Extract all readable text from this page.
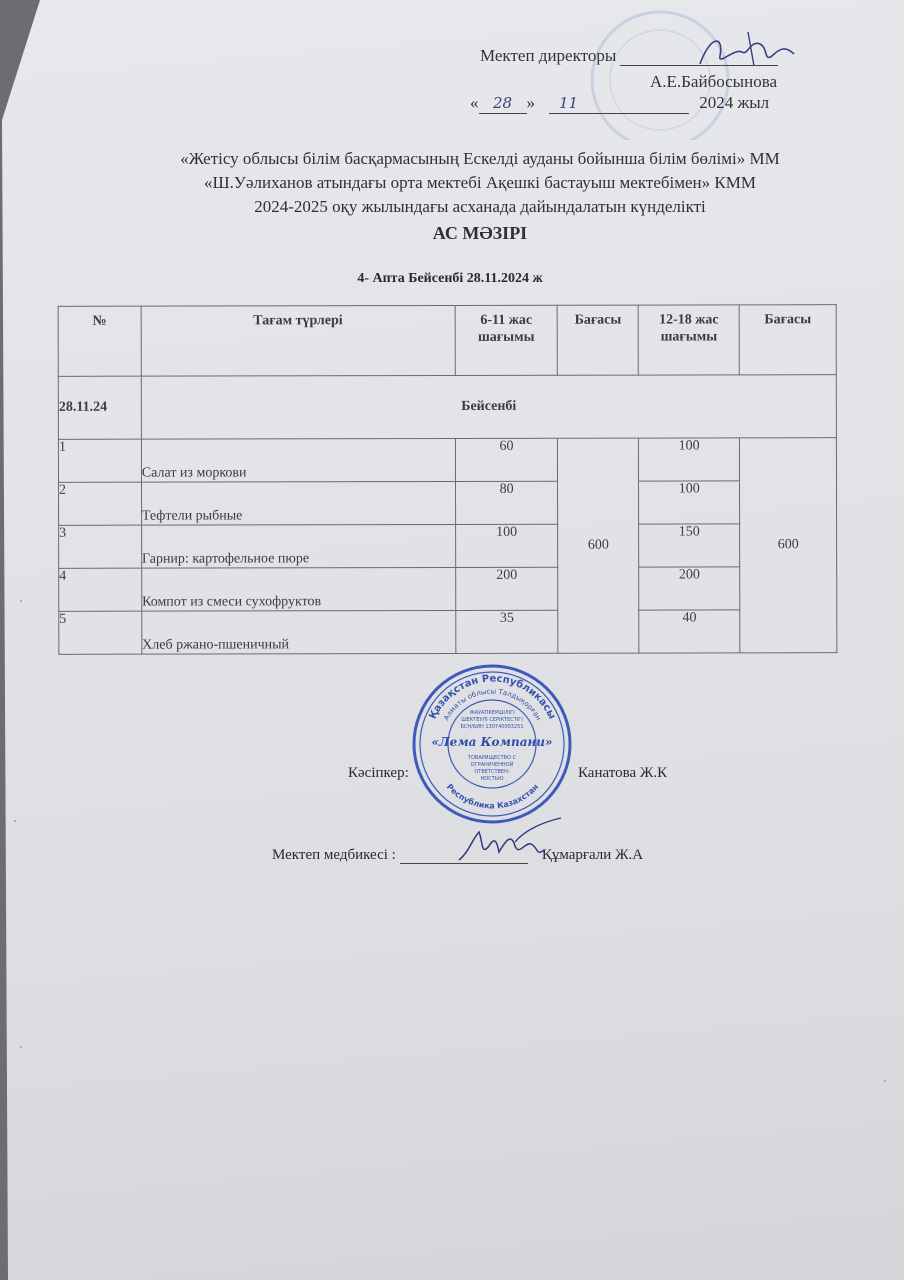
Мектеп директоры
А.Е.Байбосынова
« 28 » 11	2024 жыл
«Жетісу облысы білім басқармасының Ескелді ауданы бойынша білім бөлімі» ММ
«Ш.Уәлиханов атындағы орта мектебі Ақешкі бастауыш мектебімен» КММ
2024-2025 оқу жылындағы асханада дайындалатын күнделікті
АС МӘЗІРІ
4- Апта Бейсенбі 28.11.2024 ж
№	Тағам түрлері	6-11 жас шағымы	Бағасы	12-18 жас шағымы	Бағасы
28.11.24	Бейсенбі				
1	Салат из моркови	60	600	100	600
2	Тефтели рыбные	80		100	
3	Гарнир: картофельное пюре	100		150	
4	Компот из смеси сухофруктов	200		200	
5	Хлеб ржано-пшеничный	35		40	
Қазақстан Республикасы
Алматы облысы Талдықорған
Республика Казахстан
ЖАУАПКЕРШІЛІГІ
ШЕКТЕУЛІ СЕРІКТЕСТІГІ
БСН/БИН 130740003251
«Лема Компани»
ТОВАРИЩЕСТВО С
ОГРАНИЧЕННОЙ
ОТВЕТСТВЕН-
НОСТЬЮ
Кәсіпкер:	Канатова Ж.К
Мектеп медбикесі :	Құмарғали Ж.А
